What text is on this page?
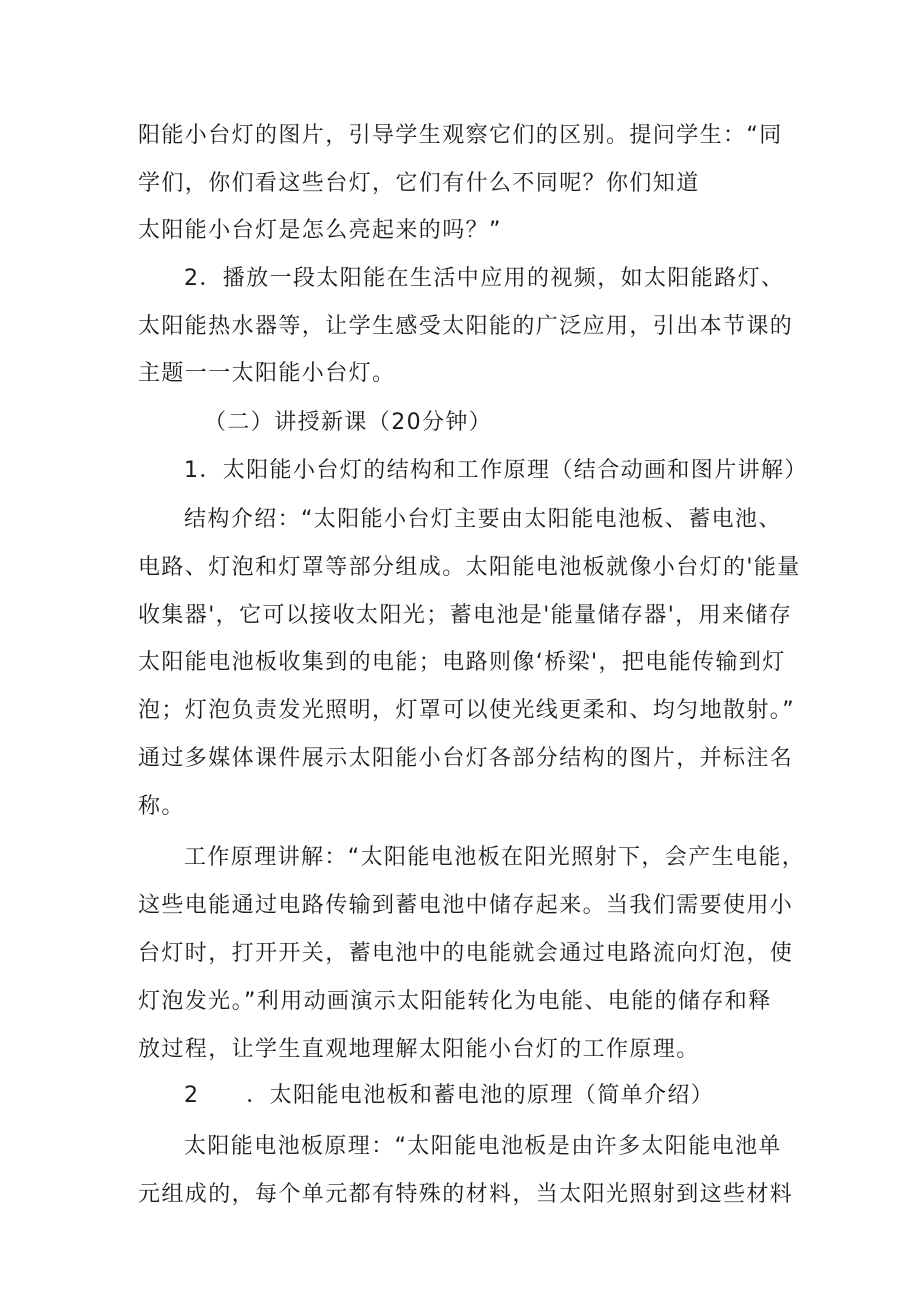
阳能小台灯的图片，引导学生观察它们的区别。提问学生：“同
学们，你们看这些台灯，它们有什么不同呢？你们知道
太阳能小台灯是怎么亮起来的吗？”
2．播放一段太阳能在生活中应用的视频，如太阳能路灯、
太阳能热水器等，让学生感受太阳能的广泛应用，引出本节课的
主题一一太阳能小台灯。
（二）讲授新课（20分钟）
1．太阳能小台灯的结构和工作原理（结合动画和图片讲解）
结构介绍：“太阳能小台灯主要由太阳能电池板、蓄电池、
电路、灯泡和灯罩等部分组成。太阳能电池板就像小台灯的'能量
收集器'，它可以接收太阳光；蓄电池是'能量储存器'，用来储存
太阳能电池板收集到的电能；电路则像‘桥梁'，把电能传输到灯
泡；灯泡负责发光照明，灯罩可以使光线更柔和、均匀地散射。”
通过多媒体课件展示太阳能小台灯各部分结构的图片，并标注名
称。
工作原理讲解：“太阳能电池板在阳光照射下，会产生电能，
这些电能通过电路传输到蓄电池中储存起来。当我们需要使用小
台灯时，打开开关，蓄电池中的电能就会通过电路流向灯泡，使
灯泡发光。”利用动画演示太阳能转化为电能、电能的储存和释
放过程，让学生直观地理解太阳能小台灯的工作原理。
2　　．太阳能电池板和蓄电池的原理（简单介绍）
太阳能电池板原理：“太阳能电池板是由许多太阳能电池单
元组成的，每个单元都有特殊的材料，当太阳光照射到这些材料
